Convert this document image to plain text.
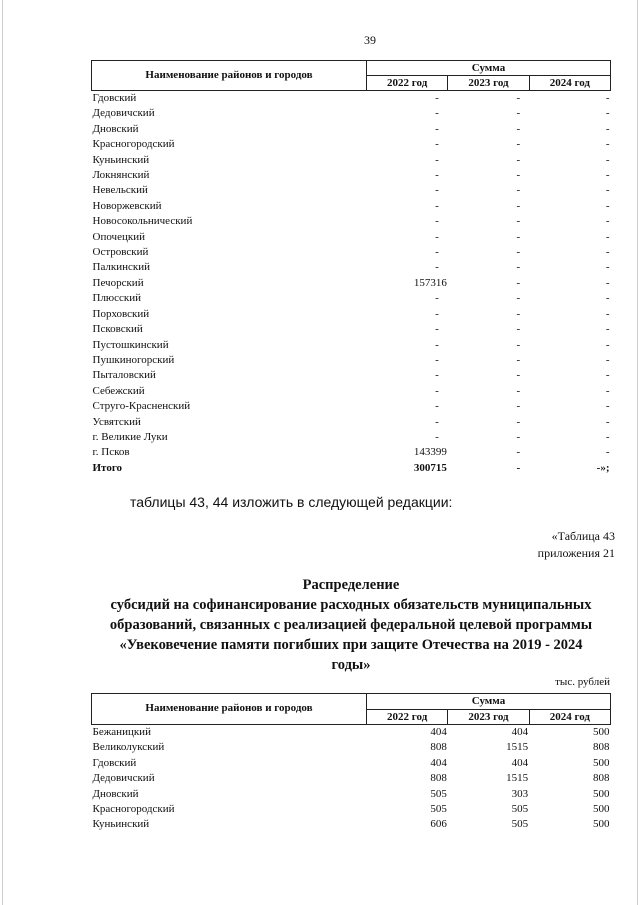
39
Наименование районов и городов	Сумма		
	2022 год	2023 год	2024 год
Гдовский	-	-	-
Дедовичский	-	-	-
Дновский	-	-	-
Красногородский	-	-	-
Куньинский	-	-	-
Локнянский	-	-	-
Невельский	-	-	-
Новоржевский	-	-	-
Новосокольнический	-	-	-
Опочецкий	-	-	-
Островский	-	-	-
Палкинский	-	-	-
Печорский	157316	-	-
Плюсский	-	-	-
Порховский	-	-	-
Псковский	-	-	-
Пустошкинский	-	-	-
Пушкиногорский	-	-	-
Пыталовский	-	-	-
Себежский	-	-	-
Струго-Красненский	-	-	-
Усвятский	-	-	-
г. Великие Луки	-	-	-
г. Псков	143399	-	-
Итого	300715	-	-»;
таблицы 43, 44 изложить в следующей редакции:
«Таблица 43
приложения 21
Распределение
субсидий на софинансирование расходных обязательств муниципальных
образований, связанных с реализацией федеральной целевой программы
«Увековечение памяти погибших при защите Отечества на 2019 - 2024
годы»
тыс. рублей
Наименование районов и городов	Сумма		
	2022 год	2023 год	2024 год
Бежаницкий	404	404	500
Великолукский	808	1515	808
Гдовский	404	404	500
Дедовичский	808	1515	808
Дновский	505	303	500
Красногородский	505	505	500
Куньинский	606	505	500
